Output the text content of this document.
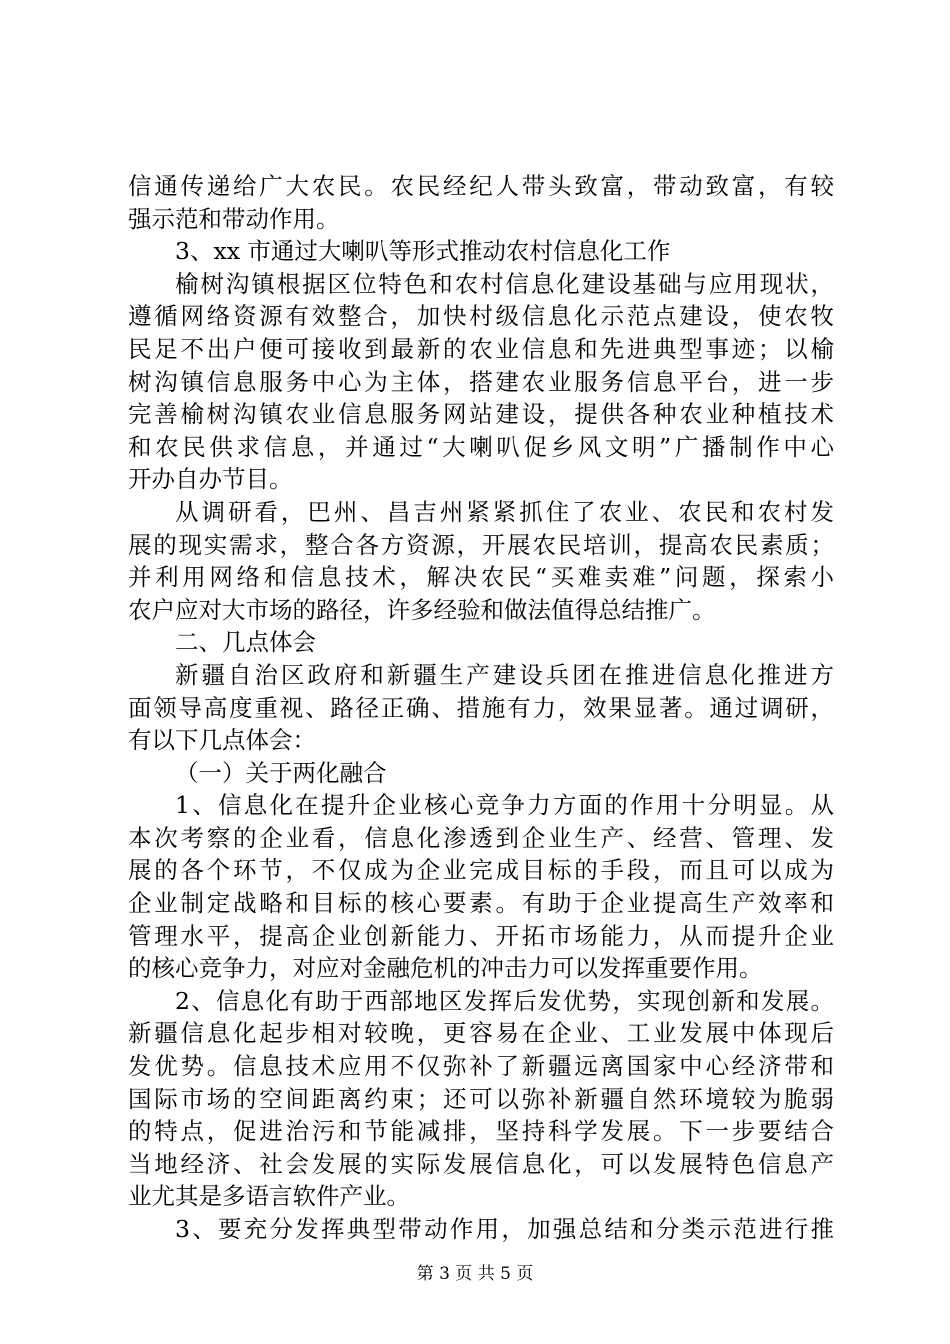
信通传递给广大农民。农民经纪人带头致富，带动致富，有较
强示范和带动作用。
3、xx 市通过大喇叭等形式推动农村信息化工作
榆树沟镇根据区位特色和农村信息化建设基础与应用现状，
遵循网络资源有效整合，加快村级信息化示范点建设，使农牧
民足不出户便可接收到最新的农业信息和先进典型事迹；以榆
树沟镇信息服务中心为主体，搭建农业服务信息平台，进一步
完善榆树沟镇农业信息服务网站建设，提供各种农业种植技术
和农民供求信息，并通过“大喇叭促乡风文明”广播制作中心
开办自办节目。
从调研看，巴州、昌吉州紧紧抓住了农业、农民和农村发
展的现实需求，整合各方资源，开展农民培训，提高农民素质；
并利用网络和信息技术，解决农民“买难卖难”问题，探索小
农户应对大市场的路径，许多经验和做法值得总结推广。
二、几点体会
新疆自治区政府和新疆生产建设兵团在推进信息化推进方
面领导高度重视、路径正确、措施有力，效果显著。通过调研，
有以下几点体会：
（一）关于两化融合
1、信息化在提升企业核心竞争力方面的作用十分明显。从
本次考察的企业看，信息化渗透到企业生产、经营、管理、发
展的各个环节，不仅成为企业完成目标的手段，而且可以成为
企业制定战略和目标的核心要素。有助于企业提高生产效率和
管理水平，提高企业创新能力、开拓市场能力，从而提升企业
的核心竞争力，对应对金融危机的冲击力可以发挥重要作用。
2、信息化有助于西部地区发挥后发优势，实现创新和发展。
新疆信息化起步相对较晚，更容易在企业、工业发展中体现后
发优势。信息技术应用不仅弥补了新疆远离国家中心经济带和
国际市场的空间距离约束；还可以弥补新疆自然环境较为脆弱
的特点，促进治污和节能减排，坚持科学发展。下一步要结合
当地经济、社会发展的实际发展信息化，可以发展特色信息产
业尤其是多语言软件产业。
3、要充分发挥典型带动作用，加强总结和分类示范进行推
第 3 页 共 5 页
